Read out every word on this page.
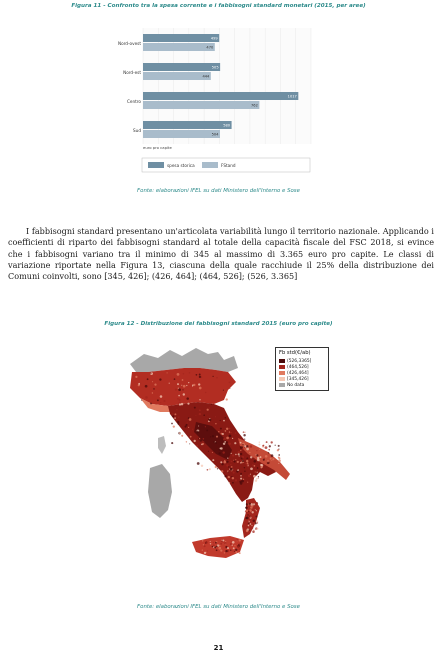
Figura 11 - Confronto tra la spesa corrente e i fabbisogni standard monetari (2015, per aree)
Nord-ovest
Nord-est
Centro
Sud
499
470
505
444
1017
762
580
504
euro pro capite
spesa storica	FStand
Fonte: elaborazioni IFEL su dati Ministero dell'Interno e Sose

I fabbisogni standard presentano un'articolata variabilità lungo il territorio nazionale. Applicando i coefficienti di riparto dei fabbisogni standard al totale della capacità fiscale del FSC 2018, si evince che i fabbisogni variano tra il minimo di 345 al massimo di 3.365 euro pro capite. Le classi di variazione riportate nella Figura 13, ciascuna della quale racchiude il 25% della distribuzione dei Comuni coinvolti, sono [345, 426]; (426, 464]; (464, 526]; (526, 3.365]

Figura 12 - Distribuzione dei fabbisogni standard 2015 (euro pro capite)
Fb std(€/ab)
(526,3365]
(464,526]
(426,464]
[345,426]
No data
Fonte: elaborazioni IFEL su dati Ministero dell'Interno e Sose
21
